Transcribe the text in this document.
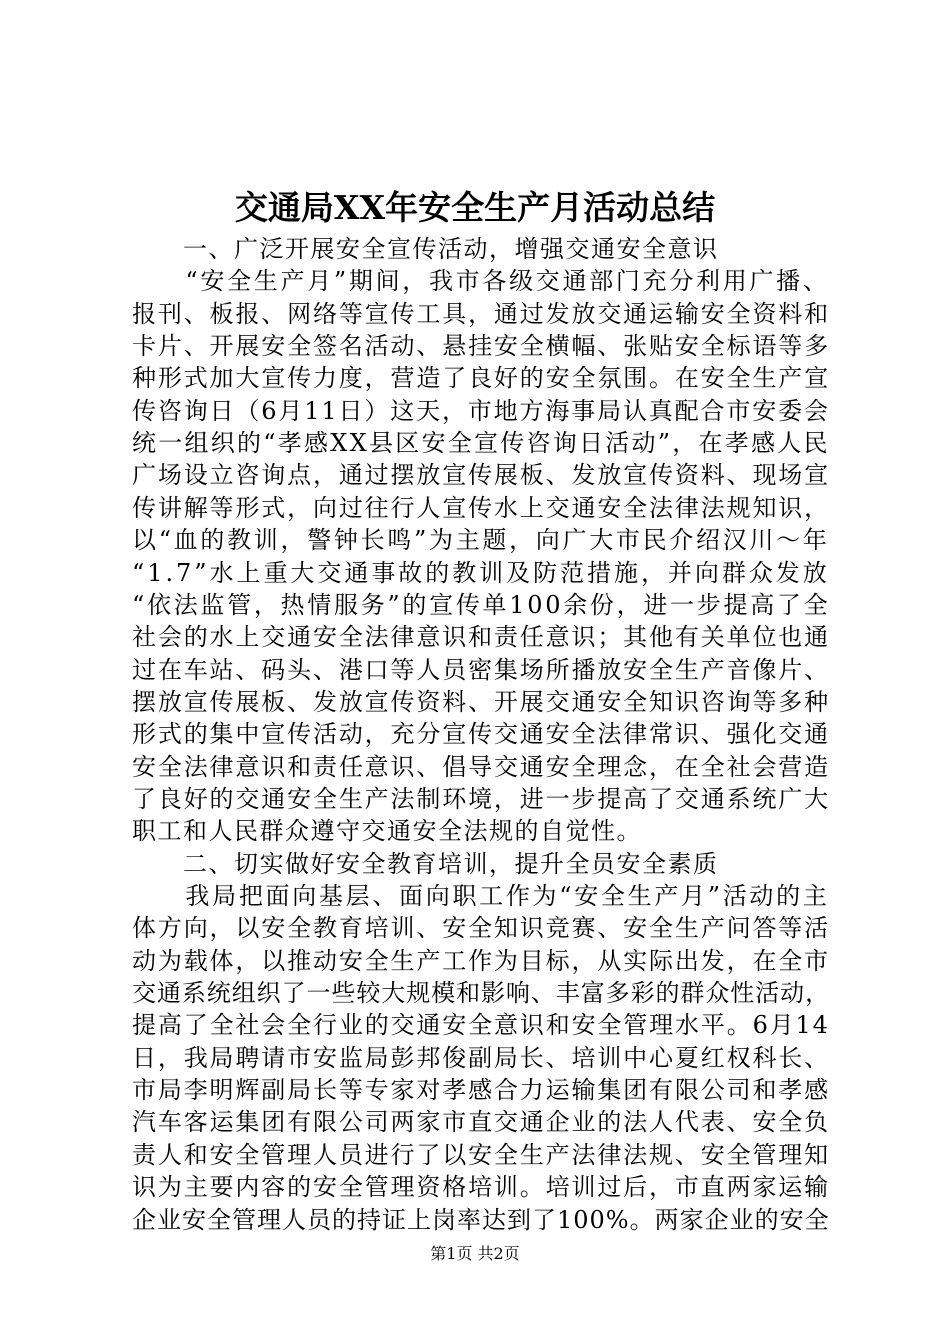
交通局XX年安全生产月活动总结
　　一、广泛开展安全宣传活动，增强交通安全意识
　　“安全生产月”期间，我市各级交通部门充分利用广播、
报刊、板报、网络等宣传工具，通过发放交通运输安全资料和
卡片、开展安全签名活动、悬挂安全横幅、张贴安全标语等多
种形式加大宣传力度，营造了良好的安全氛围。在安全生产宣
传咨询日（6月11日）这天，市地方海事局认真配合市安委会
统一组织的“孝感XX县区安全宣传咨询日活动”，在孝感人民
广场设立咨询点，通过摆放宣传展板、发放宣传资料、现场宣
传讲解等形式，向过往行人宣传水上交通安全法律法规知识，
以“血的教训，警钟长鸣”为主题，向广大市民介绍汉川～年
“1.7”水上重大交通事故的教训及防范措施，并向群众发放
“依法监管，热情服务”的宣传单100余份，进一步提高了全
社会的水上交通安全法律意识和责任意识；其他有关单位也通
过在车站、码头、港口等人员密集场所播放安全生产音像片、
摆放宣传展板、发放宣传资料、开展交通安全知识咨询等多种
形式的集中宣传活动，充分宣传交通安全法律常识、强化交通
安全法律意识和责任意识、倡导交通安全理念，在全社会营造
了良好的交通安全生产法制环境，进一步提高了交通系统广大
职工和人民群众遵守交通安全法规的自觉性。
　　二、切实做好安全教育培训，提升全员安全素质
　　我局把面向基层、面向职工作为“安全生产月”活动的主
体方向，以安全教育培训、安全知识竞赛、安全生产问答等活
动为载体，以推动安全生产工作为目标，从实际出发，在全市
交通系统组织了一些较大规模和影响、丰富多彩的群众性活动，
提高了全社会全行业的交通安全意识和安全管理水平。6月14
日，我局聘请市安监局彭邦俊副局长、培训中心夏红权科长、
市局李明辉副局长等专家对孝感合力运输集团有限公司和孝感
汽车客运集团有限公司两家市直交通企业的法人代表、安全负
责人和安全管理人员进行了以安全生产法律法规、安全管理知
识为主要内容的安全管理资格培训。培训过后，市直两家运输
企业安全管理人员的持证上岗率达到了100%。两家企业的安全
第1页 共2页
